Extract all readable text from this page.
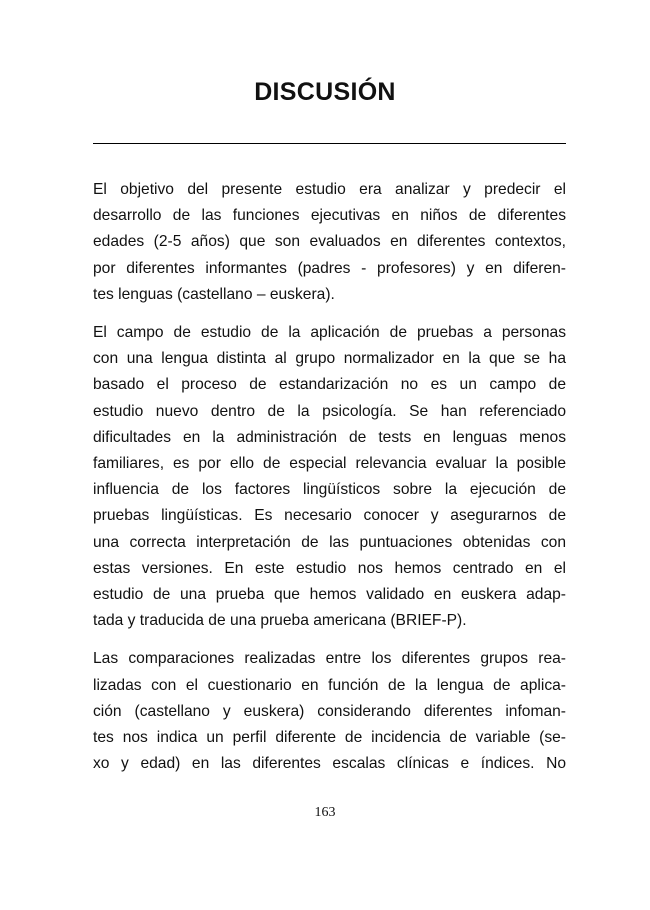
DISCUSIÓN

El objetivo del presente estudio era analizar y predecir el
desarrollo de las funciones ejecutivas en niños de diferentes
edades (2-5 años) que son evaluados en diferentes contextos,
por diferentes informantes (padres - profesores) y en diferen-
tes lenguas (castellano – euskera).

El campo de estudio de la aplicación de pruebas a personas
con una lengua distinta al grupo normalizador en la que se ha
basado el proceso de estandarización no es un campo de
estudio nuevo dentro de la psicología. Se han referenciado
dificultades en la administración de tests en lenguas menos
familiares, es por ello de especial relevancia evaluar la posible
influencia de los factores lingüísticos sobre la ejecución de
pruebas lingüísticas. Es necesario conocer y asegurarnos de
una correcta interpretación de las puntuaciones obtenidas con
estas versiones. En este estudio nos hemos centrado en el
estudio de una prueba que hemos validado en euskera adap-
tada y traducida de una prueba americana (BRIEF-P).

Las comparaciones realizadas entre los diferentes grupos rea-
lizadas con el cuestionario en función de la lengua de aplica-
ción (castellano y euskera) considerando diferentes infoman-
tes nos indica un perfil diferente de incidencia de variable (se-
xo y edad) en las diferentes escalas clínicas e índices. No

163
